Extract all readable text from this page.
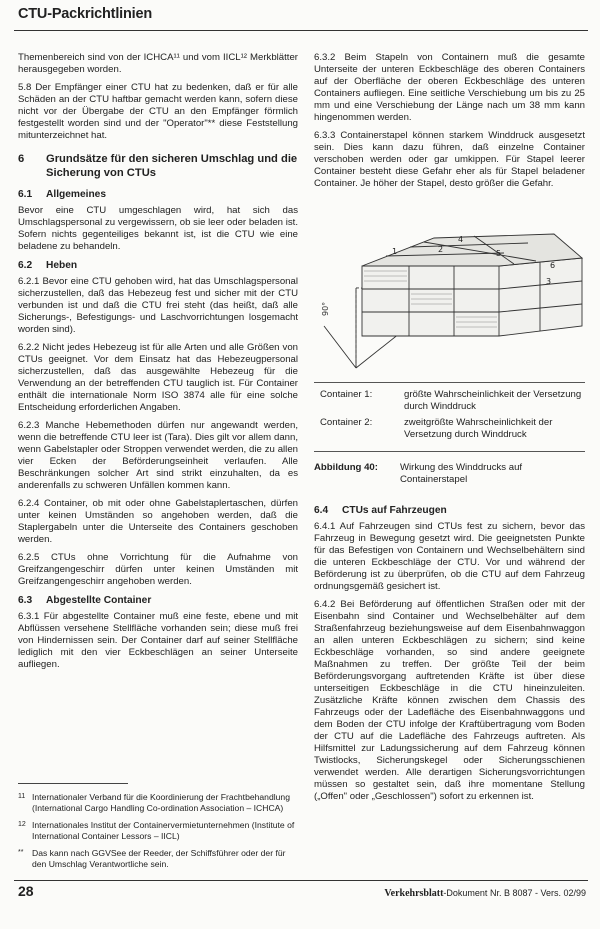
CTU-Packrichtlinien

Themenbereich sind von der ICHCA¹¹ und vom IICL¹² Merkblätter herausgegeben worden.

5.8 Der Empfänger einer CTU hat zu bedenken, daß er für alle Schäden an der CTU haftbar gemacht werden kann, sofern diese nicht vor der Übergabe der CTU an den Empfänger förmlich festgestellt worden sind und der "Operator"** diese Feststellung mitunterzeichnet hat.

6	Grundsätze für den sicheren Umschlag und die Sicherung von CTUs
6.1	Allgemeines

Bevor eine CTU umgeschlagen wird, hat sich das Umschlagspersonal zu vergewissern, ob sie leer oder beladen ist. Sofern nichts gegenteiliges bekannt ist, ist die CTU wie eine beladene zu behandeln.

6.2	Heben

6.2.1 Bevor eine CTU gehoben wird, hat das Umschlagspersonal sicherzustellen, daß das Hebezeug fest und sicher mit der CTU verbunden ist und daß die CTU frei steht (das heißt, daß alle Sicherungs-, Befestigungs- und Laschvorrichtungen losgemacht worden sind).

6.2.2 Nicht jedes Hebezeug ist für alle Arten und alle Größen von CTUs geeignet. Vor dem Einsatz hat das Hebezeugpersonal sicherzustellen, daß das ausgewählte Hebezeug für die Verwendung an der betreffenden CTU tauglich ist. Für Container enthält die internationale Norm ISO 3874 alle für eine solche Entscheidung erforderlichen Angaben.

6.2.3 Manche Hebemethoden dürfen nur angewandt werden, wenn die betreffende CTU leer ist (Tara). Dies gilt vor allem dann, wenn Gabelstapler oder Stroppen verwendet werden, die zu allen vier Ecken der Beförderungseinheit verlaufen. Alle Beschränkungen solcher Art sind strikt einzuhalten, da es anderenfalls zu schweren Unfällen kommen kann.

6.2.4 Container, ob mit oder ohne Gabelstaplertaschen, dürfen unter keinen Umständen so angehoben werden, daß die Staplergabeln unter die Unterseite des Containers geschoben werden.

6.2.5 CTUs ohne Vorrichtung für die Aufnahme von Greifzangengeschirr dürfen unter keinen Umständen mit Greifzangengeschirr angehoben werden.

6.3	Abgestellte Container

6.3.1 Für abgestellte Container muß eine feste, ebene und mit Abflüssen versehene Stellfläche vorhanden sein; diese muß frei von Hindernissen sein. Der Container darf auf seiner Stellfläche lediglich mit den vier Eckbeschlägen an seiner Unterseite aufliegen.

11 Internationaler Verband für die Koordinierung der Frachtbehandlung (International Cargo Handling Co-ordination Association – ICHCA)
12 Internationales Institut der Containervermietunternehmen (Institute of International Container Lessors – IICL)
** Das kann nach GGVSee der Reeder, der Schiffsführer oder der für den Umschlag Verantwortliche sein.

6.3.2 Beim Stapeln von Containern muß die gesamte Unterseite der unteren Eckbeschläge des oberen Containers auf der Oberfläche der oberen Eckbeschläge des unteren Containers aufliegen. Eine seitliche Verschiebung um bis zu 25 mm und eine Verschiebung der Länge nach um 38 mm kann hingenommen werden.

6.3.3 Containerstapel können starkem Winddruck ausgesetzt sein. Dies kann dazu führen, daß einzelne Container verschoben werden oder gar umkippen. Für Stapel leerer Container besteht diese Gefahr eher als für Stapel beladener Container. Je höher der Stapel, desto größer die Gefahr.

90°
1	2
3
4
5
6
Container 1:	größte Wahrscheinlichkeit der Versetzung durch Winddruck
Container 2:	zweitgrößte Wahrscheinlichkeit der Versetzung durch Winddruck
Abbildung 40:	Wirkung des Winddrucks auf Containerstapel
6.4	CTUs auf Fahrzeugen

6.4.1 Auf Fahrzeugen sind CTUs fest zu sichern, bevor das Fahrzeug in Bewegung gesetzt wird. Die geeignetsten Punkte für das Befestigen von Containern und Wechselbehältern sind die unteren Eckbeschläge der CTU. Vor und während der Beförderung ist zu überprüfen, ob die CTU auf dem Fahrzeug ordnungsgemäß gesichert ist.

6.4.2 Bei Beförderung auf öffentlichen Straßen oder mit der Eisenbahn sind Container und Wechselbehälter auf dem Straßenfahrzeug beziehungsweise auf dem Eisenbahnwaggon an allen unteren Eckbeschlägen zu sichern; sind keine Eckbeschläge vorhanden, so sind andere geeignete Maßnahmen zu treffen. Der größte Teil der beim Beförderungsvorgang auftretenden Kräfte ist über diese unterseitigen Eckbeschläge in die CTU hineinzuleiten. Zusätzliche Kräfte können zwischen dem Chassis des Fahrzeugs oder der Ladefläche des Eisenbahnwaggons und dem Boden der CTU infolge der Kraftübertragung vom Boden der CTU auf die Ladefläche des Fahrzeugs auftreten. Als Hilfsmittel zur Ladungssicherung auf dem Fahrzeug können Twistlocks, Sicherungskegel oder Sicherungsschienen verwendet werden. Alle derartigen Sicherungsvorrichtungen müssen so gestaltet sein, daß ihre momentane Stellung („Offen" oder „Geschlossen") sofort zu erkennen ist.

28	Verkehrsblatt-Dokument Nr. B 8087 - Vers. 02/99
